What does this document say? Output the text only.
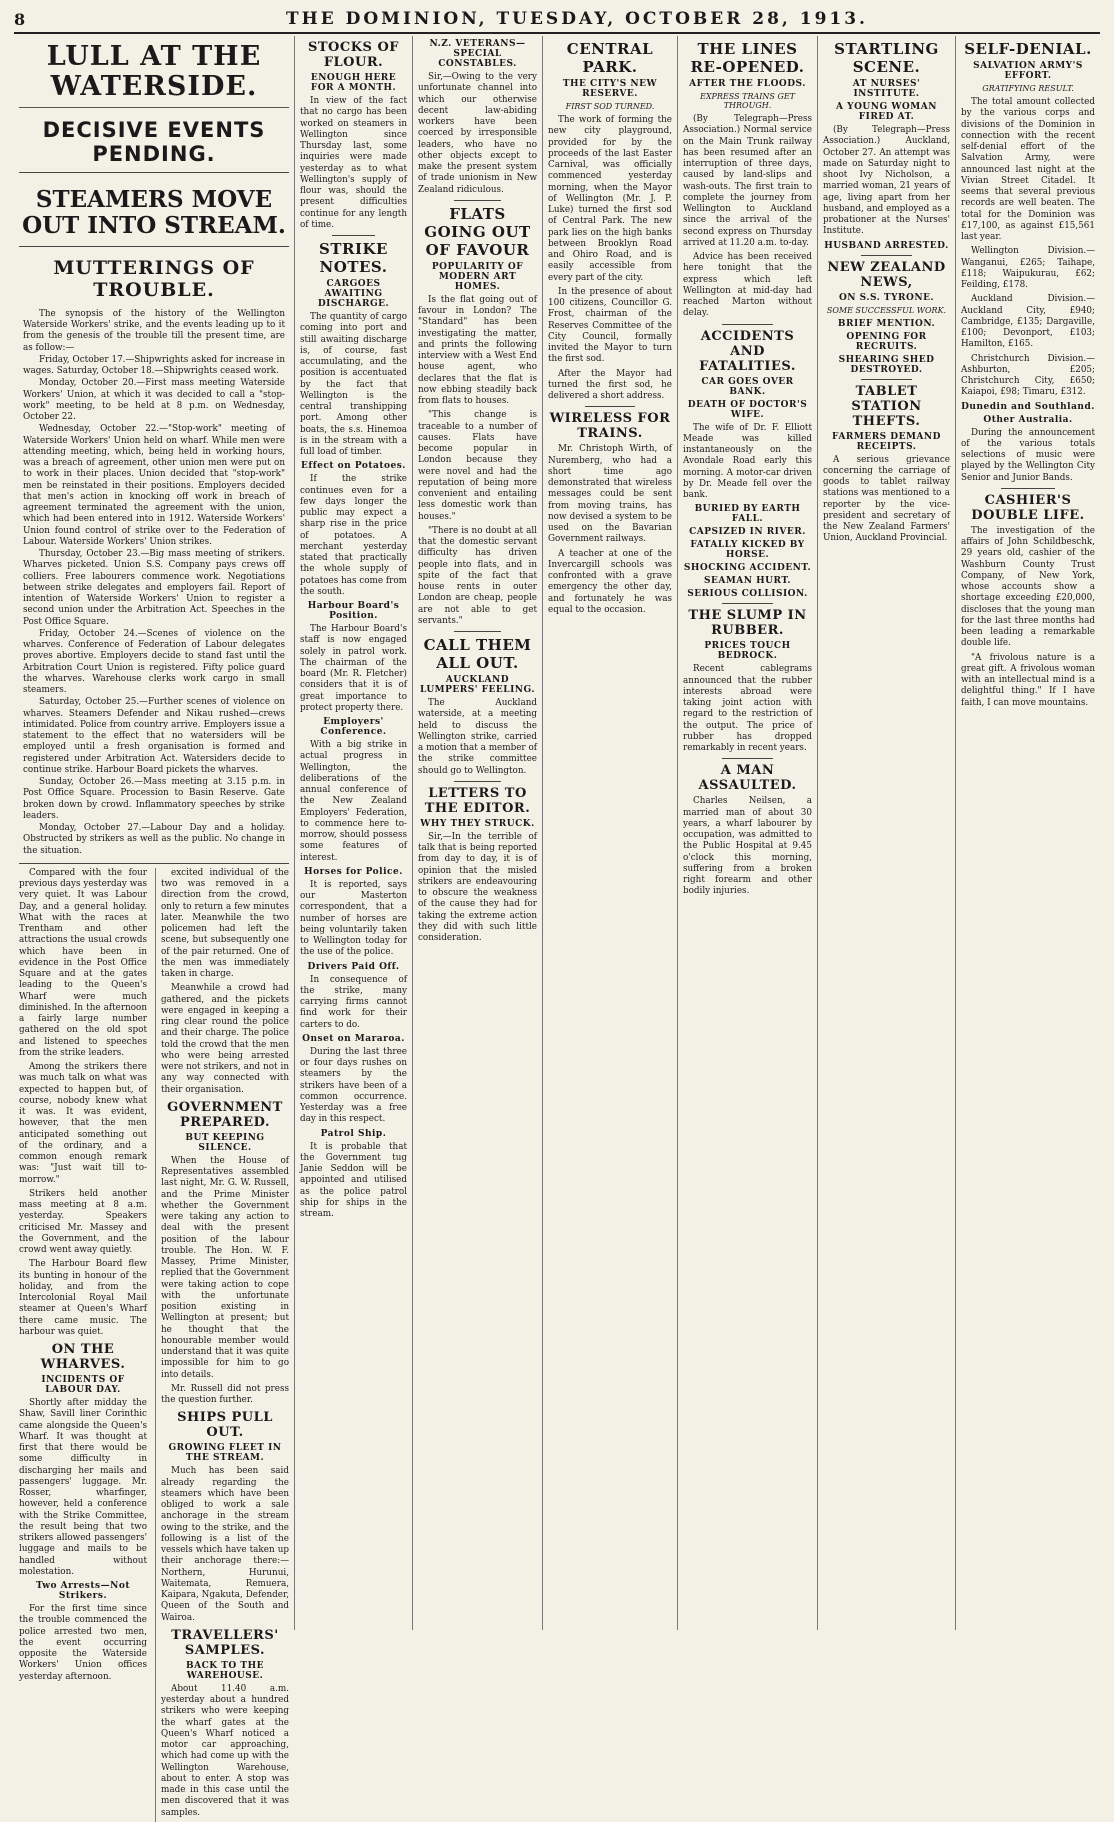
8	THE DOMINION, TUESDAY, OCTOBER 28, 1913.
LULL AT THE WATERSIDE.
DECISIVE EVENTS PENDING.
STEAMERS MOVE OUT INTO STREAM.
MUTTERINGS OF TROUBLE.

The synopsis of the history of the Wellington Waterside Workers' strike, and the events leading up to it from the genesis of the trouble till the present time, are as follow:—

Friday, October 17.—Shipwrights asked for increase in wages. Saturday, October 18.—Shipwrights ceased work.

Monday, October 20.—First mass meeting Waterside Workers' Union, at which it was decided to call a "stop-work" meeting, to be held at 8 p.m. on Wednesday, October 22.

Wednesday, October 22.—"Stop-work" meeting of Waterside Workers' Union held on wharf. While men were attending meeting, which, being held in working hours, was a breach of agreement, other union men were put on to work in their places. Union decided that "stop-work" men be reinstated in their positions. Employers decided that men's action in knocking off work in breach of agreement terminated the agreement with the union, which had been entered into in 1912. Waterside Workers' Union found control of strike over to the Federation of Labour. Waterside Workers' Union strikes.

Thursday, October 23.—Big mass meeting of strikers. Wharves picketed. Union S.S. Company pays crews off colliers. Free labourers commence work. Negotiations between strike delegates and employers fail. Report of intention of Waterside Workers' Union to register a second union under the Arbitration Act. Speeches in the Post Office Square.

Friday, October 24.—Scenes of violence on the wharves. Conference of Federation of Labour delegates proves abortive. Employers decide to stand fast until the Arbitration Court Union is registered. Fifty police guard the wharves. Warehouse clerks work cargo in small steamers.

Saturday, October 25.—Further scenes of violence on wharves. Steamers Defender and Nikau rushed—crews intimidated. Police from country arrive. Employers issue a statement to the effect that no watersiders will be employed until a fresh organisation is formed and registered under Arbitration Act. Watersiders decide to continue strike. Harbour Board pickets the wharves.

Sunday, October 26.—Mass meeting at 3.15 p.m. in Post Office Square. Procession to Basin Reserve. Gate broken down by crowd. Inflammatory speeches by strike leaders.

Monday, October 27.—Labour Day and a holiday. Obstructed by strikers as well as the public. No change in the situation.

Compared with the four previous days yesterday was very quiet. It was Labour Day, and a general holiday. What with the races at Trentham and other attractions the usual crowds which have been in evidence in the Post Office Square and at the gates leading to the Queen's Wharf were much diminished. In the afternoon a fairly large number gathered on the old spot and listened to speeches from the strike leaders.

Among the strikers there was much talk on what was expected to happen but, of course, nobody knew what it was. It was evident, however, that the men anticipated something out of the ordinary, and a common enough remark was: "Just wait till to-morrow."

Strikers held another mass meeting at 8 a.m. yesterday. Speakers criticised Mr. Massey and the Government, and the crowd went away quietly.

The Harbour Board flew its bunting in honour of the holiday, and from the Intercolonial Royal Mail steamer at Queen's Wharf there came music. The harbour was quiet.

ON THE WHARVES.
INCIDENTS OF LABOUR DAY.

Shortly after midday the Shaw, Savill liner Corinthic came alongside the Queen's Wharf. It was thought at first that there would be some difficulty in discharging her mails and passengers' luggage. Mr. Rosser, wharfinger, however, held a conference with the Strike Committee, the result being that two strikers allowed passengers' luggage and mails to be handled without molestation.

Two Arrests—Not Strikers.

For the first time since the trouble commenced the police arrested two men, the event occurring opposite the Waterside Workers' Union offices yesterday afternoon.

excited individual of the two was removed in a direction from the crowd, only to return a few minutes later. Meanwhile the two policemen had left the scene, but subsequently one of the pair returned. One of the men was immediately taken in charge.

Meanwhile a crowd had gathered, and the pickets were engaged in keeping a ring clear round the police and their charge. The police told the crowd that the men who were being arrested were not strikers, and not in any way connected with their organisation.

GOVERNMENT PREPARED.
BUT KEEPING SILENCE.

When the House of Representatives assembled last night, Mr. G. W. Russell, and the Prime Minister whether the Government were taking any action to deal with the present position of the labour trouble. The Hon. W. F. Massey, Prime Minister, replied that the Government were taking action to cope with the unfortunate position existing in Wellington at present; but he thought that the honourable member would understand that it was quite impossible for him to go into details.

Mr. Russell did not press the question further.

SHIPS PULL OUT.
GROWING FLEET IN THE STREAM.

Much has been said already regarding the steamers which have been obliged to work a sale anchorage in the stream owing to the strike, and the following is a list of the vessels which have taken up their anchorage there:—Northern, Hurunui, Waitemata, Remuera, Kaipara, Ngakuta, Defender, Queen of the South and Wairoa.

TRAVELLERS' SAMPLES.
BACK TO THE WAREHOUSE.

About 11.40 a.m. yesterday about a hundred strikers who were keeping the wharf gates at the Queen's Wharf noticed a motor car approaching, which had come up with the Wellington Warehouse, about to enter. A stop was made in this case until the men discovered that it was samples.

STOCKS OF FLOUR.
ENOUGH HERE FOR A MONTH.

In view of the fact that no cargo has been worked on steamers in Wellington since Thursday last, some inquiries were made yesterday as to what Wellington's supply of flour was, should the present difficulties continue for any length of time.

STRIKE NOTES.
CARGOES AWAITING DISCHARGE.

The quantity of cargo coming into port and still awaiting discharge is, of course, fast accumulating, and the position is accentuated by the fact that Wellington is the central transhipping port. Among other boats, the s.s. Hinemoa is in the stream with a full load of timber.

Effect on Potatoes.

If the strike continues even for a few days longer the public may expect a sharp rise in the price of potatoes. A merchant yesterday stated that practically the whole supply of potatoes has come from the south.

Harbour Board's Position.

The Harbour Board's staff is now engaged solely in patrol work. The chairman of the board (Mr. R. Fletcher) considers that it is of great importance to protect property there.

Employers' Conference.

With a big strike in actual progress in Wellington, the deliberations of the annual conference of the New Zealand Employers' Federation, to commence here to-morrow, should possess some features of interest.

Horses for Police.

It is reported, says our Masterton correspondent, that a number of horses are being voluntarily taken to Wellington today for the use of the police.

Drivers Paid Off.

In consequence of the strike, many carrying firms cannot find work for their carters to do.

Onset on Mararoa.

During the last three or four days rushes on steamers by the strikers have been of a common occurrence. Yesterday was a free day in this respect.

Patrol Ship.

It is probable that the Government tug Janie Seddon will be appointed and utilised as the police patrol ship for ships in the stream.

N.Z. VETERANS—SPECIAL CONSTABLES.

Sir,—Owing to the very unfortunate channel into which our otherwise decent law-abiding workers have been coerced by irresponsible leaders, who have no other objects except to make the present system of trade unionism in New Zealand ridiculous.

FLATS GOING OUT OF FAVOUR
POPULARITY OF MODERN ART HOMES.

Is the flat going out of favour in London? The "Standard" has been investigating the matter, and prints the following interview with a West End house agent, who declares that the flat is now ebbing steadily back from flats to houses.

"This change is traceable to a number of causes. Flats have become popular in London because they were novel and had the reputation of being more convenient and entailing less domestic work than houses."

"There is no doubt at all that the domestic servant difficulty has driven people into flats, and in spite of the fact that house rents in outer London are cheap, people are not able to get servants."

CALL THEM ALL OUT.
AUCKLAND LUMPERS' FEELING.

The Auckland waterside, at a meeting held to discuss the Wellington strike, carried a motion that a member of the strike committee should go to Wellington.

LETTERS TO THE EDITOR.
WHY THEY STRUCK.

Sir,—In the terrible of talk that is being reported from day to day, it is of opinion that the misled strikers are endeavouring to obscure the weakness of the cause they had for taking the extreme action they did with such little consideration.

CENTRAL PARK.
THE CITY'S NEW RESERVE.
FIRST SOD TURNED.

The work of forming the new city playground, provided for by the proceeds of the last Easter Carnival, was officially commenced yesterday morning, when the Mayor of Wellington (Mr. J. P. Luke) turned the first sod of Central Park. The new park lies on the high banks between Brooklyn Road and Ohiro Road, and is easily accessible from every part of the city.

In the presence of about 100 citizens, Councillor G. Frost, chairman of the Reserves Committee of the City Council, formally invited the Mayor to turn the first sod.

After the Mayor had turned the first sod, he delivered a short address.

WIRELESS FOR TRAINS.

Mr. Christoph Wirth, of Nuremberg, who had a short time ago demonstrated that wireless messages could be sent from moving trains, has now devised a system to be used on the Bavarian Government railways.

A teacher at one of the Invercargill schools was confronted with a grave emergency the other day, and fortunately he was equal to the occasion.

THE LINES RE-OPENED.
AFTER THE FLOODS.
EXPRESS TRAINS GET THROUGH.

(By Telegraph—Press Association.) Normal service on the Main Trunk railway has been resumed after an interruption of three days, caused by land-slips and wash-outs. The first train to complete the journey from Wellington to Auckland since the arrival of the second express on Thursday arrived at 11.20 a.m. to-day.

Advice has been received here tonight that the express which left Wellington at mid-day had reached Marton without delay.

ACCIDENTS AND FATALITIES.
CAR GOES OVER BANK.
DEATH OF DOCTOR'S WIFE.

The wife of Dr. F. Elliott Meade was killed instantaneously on the Avondale Road early this morning. A motor-car driven by Dr. Meade fell over the bank.

BURIED BY EARTH FALL.
CAPSIZED IN RIVER.
FATALLY KICKED BY HORSE.
SHOCKING ACCIDENT.
SEAMAN HURT.
SERIOUS COLLISION.
THE SLUMP IN RUBBER.
PRICES TOUCH BEDROCK.

Recent cablegrams announced that the rubber interests abroad were taking joint action with regard to the restriction of the output. The price of rubber has dropped remarkably in recent years.

A MAN ASSAULTED.

Charles Neilsen, a married man of about 30 years, a wharf labourer by occupation, was admitted to the Public Hospital at 9.45 o'clock this morning, suffering from a broken right forearm and other bodily injuries.

STARTLING SCENE.
AT NURSES' INSTITUTE.
A YOUNG WOMAN FIRED AT.

(By Telegraph—Press Association.) Auckland, October 27. An attempt was made on Saturday night to shoot Ivy Nicholson, a married woman, 21 years of age, living apart from her husband, and employed as a probationer at the Nurses' Institute.

HUSBAND ARRESTED.
NEW ZEALAND NEWS,
ON S.S. TYRONE.
SOME SUCCESSFUL WORK.
BRIEF MENTION.
OPENING FOR RECRUITS.
SHEARING SHED DESTROYED.
TABLET STATION THEFTS.
FARMERS DEMAND RECEIPTS.

A serious grievance concerning the carriage of goods to tablet railway stations was mentioned to a reporter by the vice-president and secretary of the New Zealand Farmers' Union, Auckland Provincial.

SELF-DENIAL.
SALVATION ARMY'S EFFORT.
GRATIFYING RESULT.

The total amount collected by the various corps and divisions of the Dominion in connection with the recent self-denial effort of the Salvation Army, were announced last night at the Vivian Street Citadel. It seems that several previous records are well beaten. The total for the Dominion was £17,100, as against £15,561 last year.

Wellington Division.—Wanganui, £265; Taihape, £118; Waipukurau, £62; Feilding, £178.

Auckland Division.—Auckland City, £940; Cambridge, £135; Dargaville, £100; Devonport, £103; Hamilton, £165.

Christchurch Division.—Ashburton, £205; Christchurch City, £650; Kaiapoi, £98; Timaru, £312.

Dunedin and Southland.
Other Australia.

During the announcement of the various totals selections of music were played by the Wellington City Senior and Junior Bands.

CASHIER'S DOUBLE LIFE.

The investigation of the affairs of John Schildbeschk, 29 years old, cashier of the Washburn County Trust Company, of New York, whose accounts show a shortage exceeding £20,000, discloses that the young man for the last three months had been leading a remarkable double life.

"A frivolous nature is a great gift. A frivolous woman with an intellectual mind is a delightful thing." If I have faith, I can move mountains.
